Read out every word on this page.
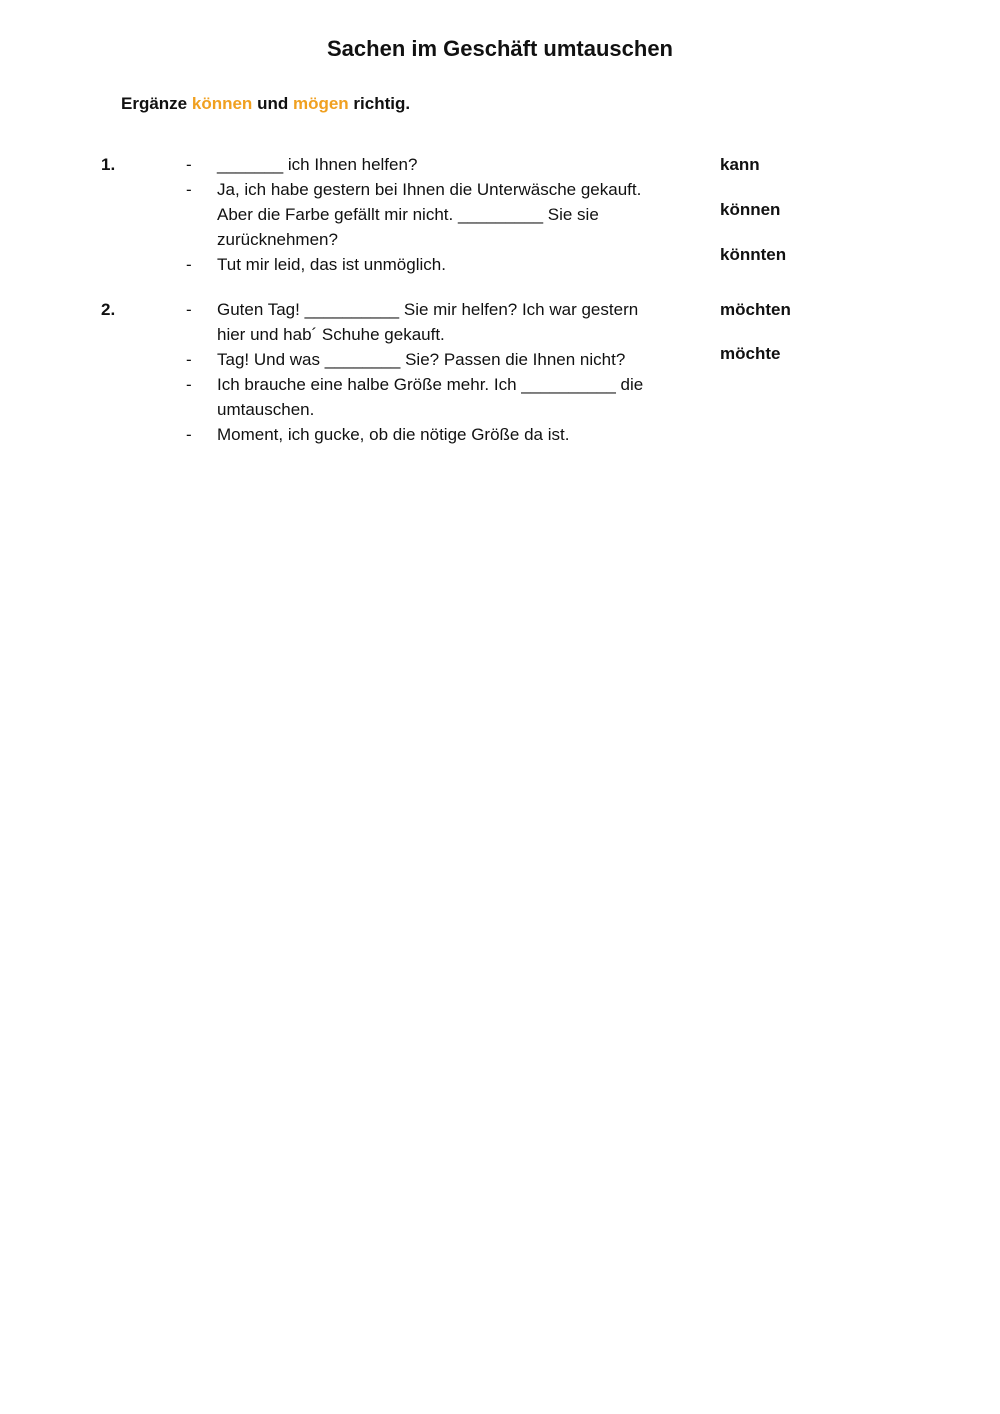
Sachen im Geschäft umtauschen
Ergänze können und mögen richtig.
1.	- _______ ich Ihnen helfen?
- Ja, ich habe gestern bei Ihnen die Unterwäsche gekauft.
Aber die Farbe gefällt mir nicht. _________ Sie sie
zurücknehmen?
- Tut mir leid, das ist unmöglich.
2.	- Guten Tag! __________ Sie mir helfen? Ich war gestern
hier und hab´ Schuhe gekauft.
- Tag! Und was ________ Sie? Passen die Ihnen nicht?
- Ich brauche eine halbe Größe mehr. Ich __________ die
umtauschen.
- Moment, ich gucke, ob die nötige Größe da ist.
kann
können
könnten
möchten
möchte
